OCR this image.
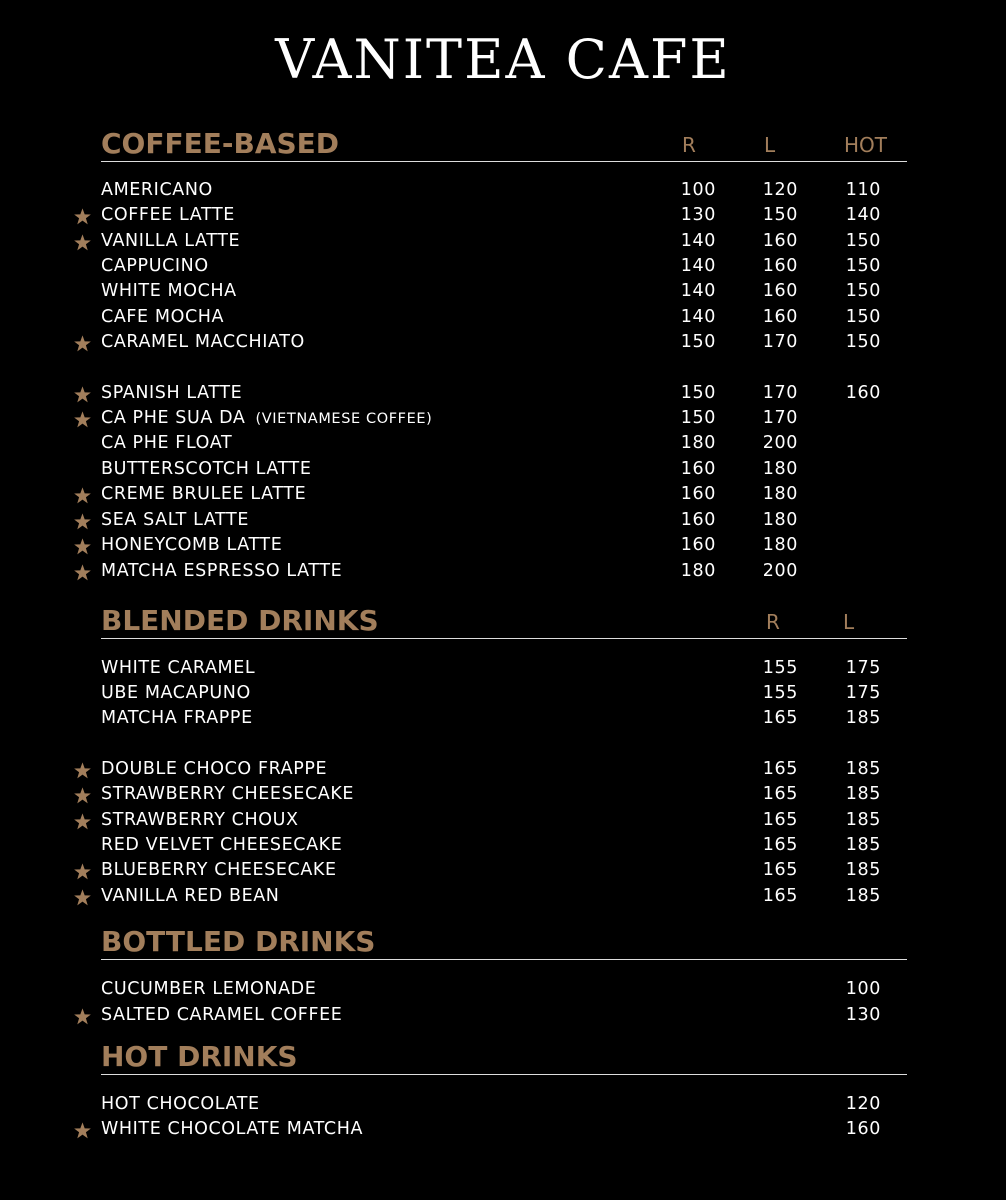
VANITEA CAFE
COFFEE-BASED	R	L	HOT
AMERICANO	100	120	110
COFFEE LATTE	130	150	140
VANILLA LATTE	140	160	150
CAPPUCINO	140	160	150
WHITE MOCHA	140	160	150
CAFE MOCHA	140	160	150
CARAMEL MACCHIATO	150	170	150
SPANISH LATTE	150	170	160
CA PHE SUA DA (VIETNAMESE COFFEE)	150	170
CA PHE FLOAT	180	200
BUTTERSCOTCH LATTE	160	180
CREME BRULEE LATTE	160	180
SEA SALT LATTE	160	180
HONEYCOMB LATTE	160	180
MATCHA ESPRESSO LATTE	180	200
BLENDED DRINKS	R	L
WHITE CARAMEL	155	175
UBE MACAPUNO	155	175
MATCHA FRAPPE	165	185
DOUBLE CHOCO FRAPPE	165	185
STRAWBERRY CHEESECAKE	165	185
STRAWBERRY CHOUX	165	185
RED VELVET CHEESECAKE	165	185
BLUEBERRY CHEESECAKE	165	185
VANILLA RED BEAN	165	185
BOTTLED DRINKS
CUCUMBER LEMONADE	100
SALTED CARAMEL COFFEE	130
HOT DRINKS
HOT CHOCOLATE	120
WHITE CHOCOLATE MATCHA	160
